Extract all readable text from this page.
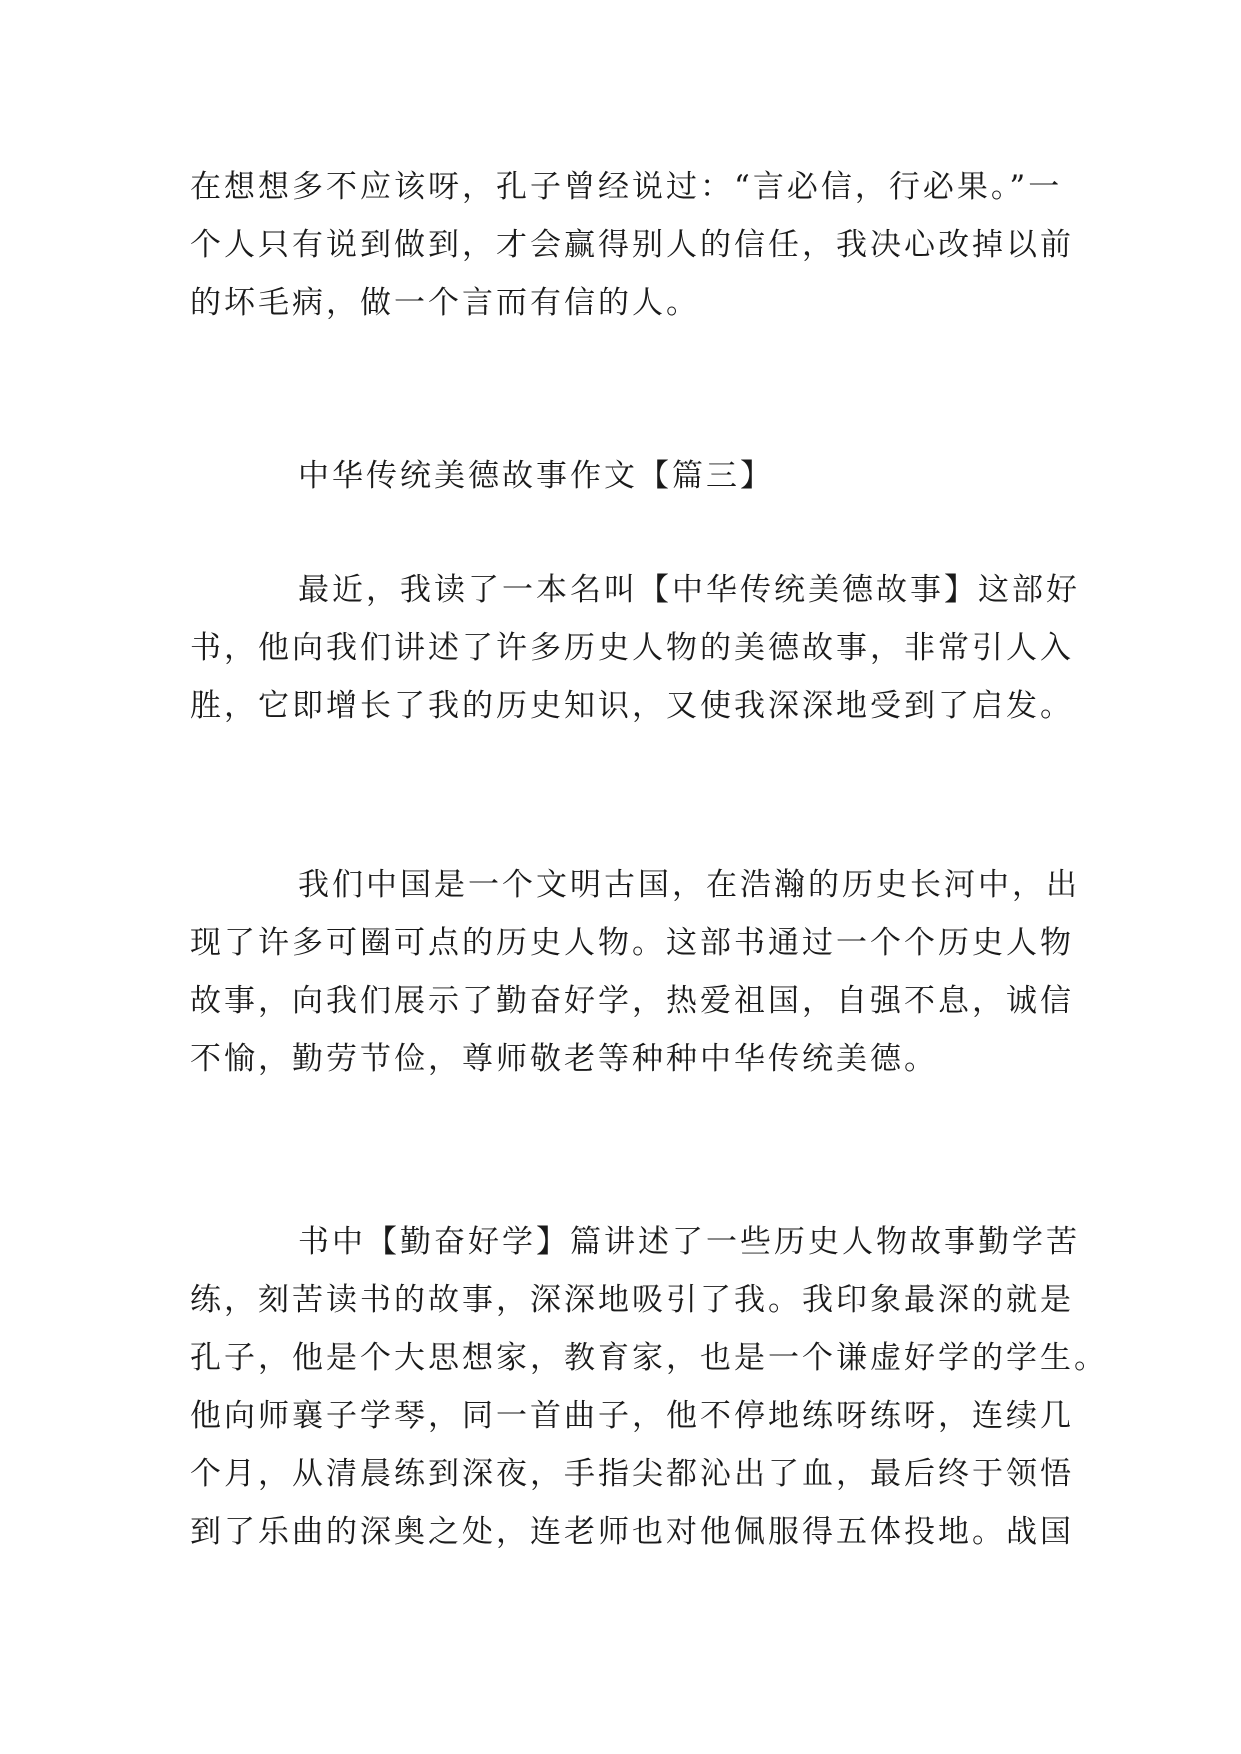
在想想多不应该呀，孔子曾经说过：“言必信，行必果。”一
个人只有说到做到，才会赢得别人的信任，我决心改掉以前
的坏毛病，做一个言而有信的人。

中华传统美德故事作文【篇三】

最近，我读了一本名叫【中华传统美德故事】这部好
书，他向我们讲述了许多历史人物的美德故事，非常引人入
胜，它即增长了我的历史知识，又使我深深地受到了启发。

我们中国是一个文明古国，在浩瀚的历史长河中，出
现了许多可圈可点的历史人物。这部书通过一个个历史人物
故事，向我们展示了勤奋好学，热爱祖国，自强不息，诚信
不愉，勤劳节俭，尊师敬老等种种中华传统美德。

书中【勤奋好学】篇讲述了一些历史人物故事勤学苦
练，刻苦读书的故事，深深地吸引了我。我印象最深的就是
孔子，他是个大思想家，教育家，也是一个谦虚好学的学生。
他向师襄子学琴，同一首曲子，他不停地练呀练呀，连续几
个月，从清晨练到深夜，手指尖都沁出了血，最后终于领悟
到了乐曲的深奥之处，连老师也对他佩服得五体投地。战国
